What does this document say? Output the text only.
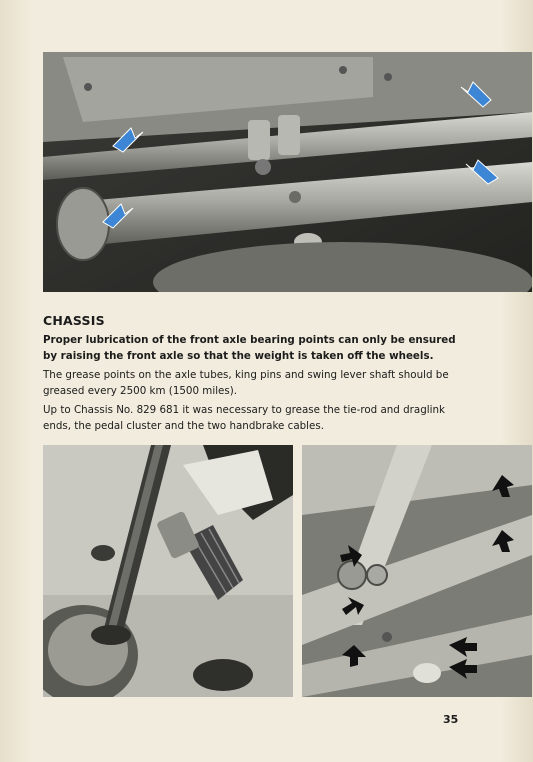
CHASSIS

Proper lubrication of the front axle bearing points can only be ensured by raising the front axle so that the weight is taken off the wheels.

The grease points on the axle tubes, king pins and swing lever shaft should be greased every 2500 km (1500 miles).

Up to Chassis No. 829 681 it was necessary to grease the tie-rod and draglink ends, the pedal cluster and the two handbrake cables.

35
